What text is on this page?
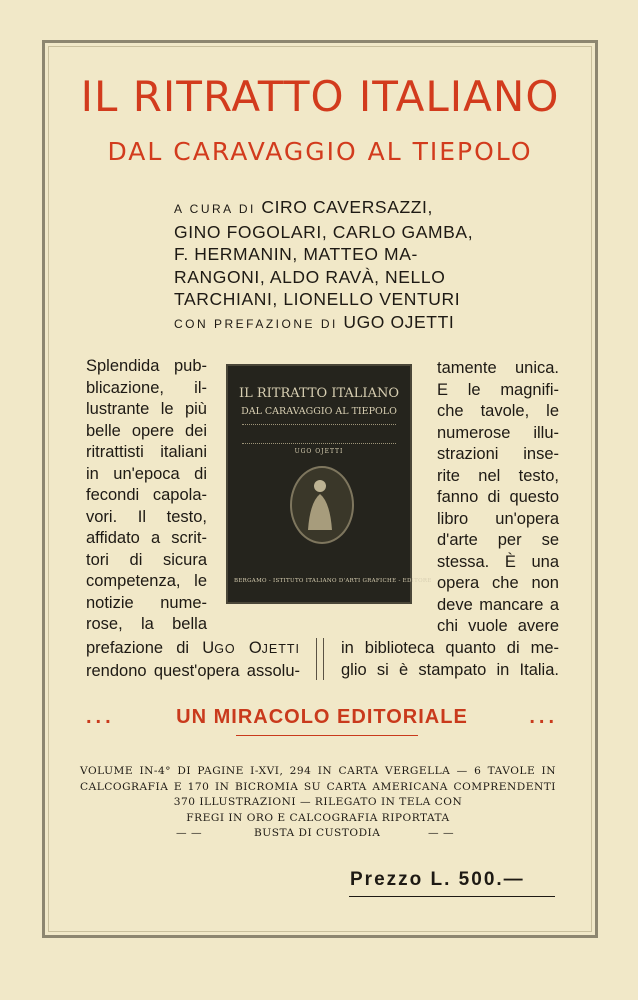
IL RITRATTO ITALIANO
DAL CARAVAGGIO AL TIEPOLO
A CURA DI CIRO CAVERSAZZI,
GINO FOGOLARI, CARLO GAMBA,
F. HERMANIN, MATTEO MA-
RANGONI, ALDO RAVÀ, NELLO
TARCHIANI, LIONELLO VENTURI
CON PREFAZIONE DI UGO OJETTI
Splendida pub-
blicazione, il-
lustrante le più
belle opere dei
ritrattisti italiani
in un'epoca di
fecondi capola-
vori. Il testo,
affidato a scrit-
tori di sicura
competenza, le
notizie nume-
rose, la bella
IL RITRATTO ITALIANO
DAL CARAVAGGIO AL TIEPOLO
UGO OJETTI
BERGAMO - ISTITUTO ITALIANO D'ARTI GRAFICHE - EDITORE
tamente unica.
E le magnifi-
che tavole, le
numerose illu-
strazioni inse-
rite nel testo,
fanno di questo
libro un'opera
d'arte per se
stessa. È una
opera che non
deve mancare a
chi vuole avere
prefazione di UGO OJETTI
rendono quest'opera assolu-
in biblioteca quanto di me-
glio si è stampato in Italia.
...	UN MIRACOLO EDITORIALE	...
VOLUME IN-4° DI PAGINE I-XVI, 294 IN CARTA VERGELLA — 6 TAVOLE IN
CALCOGRAFIA E 170 IN BICROMIA SU CARTA AMERICANA COMPRENDENTI
370 ILLUSTRAZIONI — RILEGATO IN TELA CON
FREGI IN ORO E CALCOGRAFIA RIPORTATA
— —	BUSTA DI CUSTODIA	— —
Prezzo L. 500.—
